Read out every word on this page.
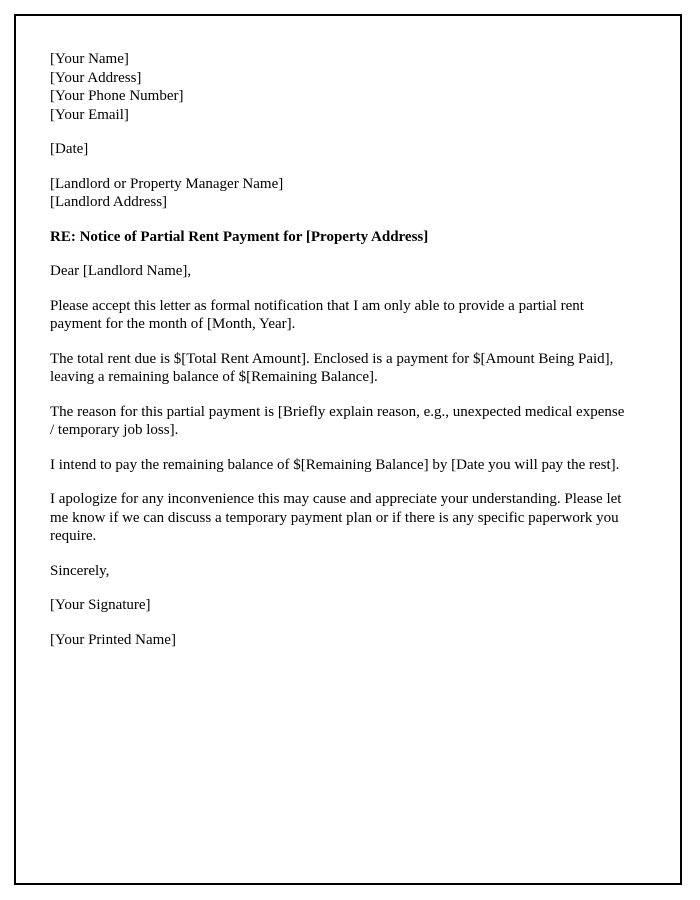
[Your Name]
[Your Address]
[Your Phone Number]
[Your Email]
[Date]
[Landlord or Property Manager Name]
[Landlord Address]

RE: Notice of Partial Rent Payment for [Property Address]

Dear [Landlord Name],

Please accept this letter as formal notification that I am only able to provide a partial rent payment for the month of [Month, Year].

The total rent due is $[Total Rent Amount]. Enclosed is a payment for $[Amount Being Paid], leaving a remaining balance of $[Remaining Balance].

The reason for this partial payment is [Briefly explain reason, e.g., unexpected medical expense / temporary job loss].

I intend to pay the remaining balance of $[Remaining Balance] by [Date you will pay the rest].

I apologize for any inconvenience this may cause and appreciate your understanding. Please let me know if we can discuss a temporary payment plan or if there is any specific paperwork you require.

Sincerely,

[Your Signature]

[Your Printed Name]
